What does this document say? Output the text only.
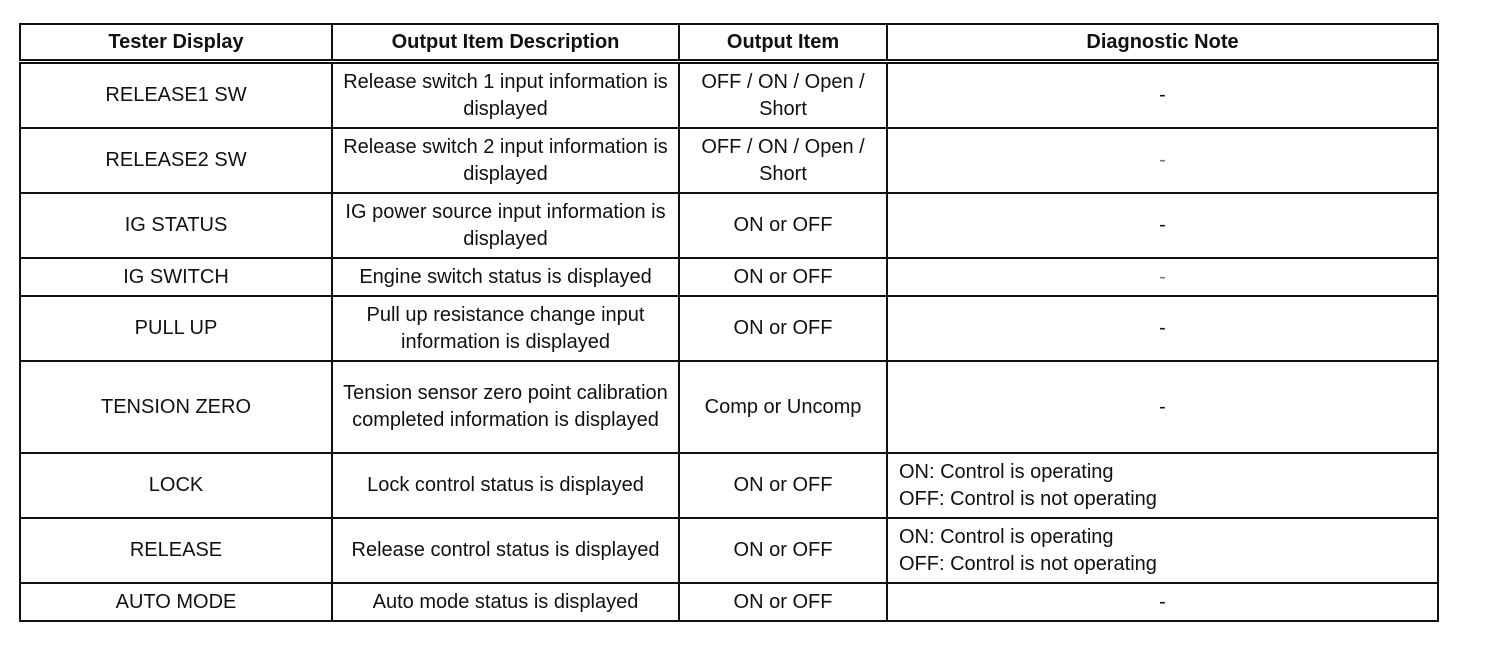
Tester Display	Output Item Description	Output Item	Diagnostic Note
RELEASE1 SW	Release switch 1 input information is displayed	OFF / ON / Open / Short	-
RELEASE2 SW	Release switch 2 input information is displayed	OFF / ON / Open / Short	-
IG STATUS	IG power source input information is displayed	ON or OFF	-
IG SWITCH	Engine switch status is displayed	ON or OFF	-
PULL UP	Pull up resistance change input information is displayed	ON or OFF	-
TENSION ZERO	Tension sensor zero point calibration completed information is displayed	Comp or Uncomp	-
LOCK	Lock control status is displayed	ON or OFF	ON: Control is operating
OFF: Control is not operating

RELEASE	Release control status is displayed	ON or OFF	ON: Control is operating
OFF: Control is not operating

AUTO MODE	Auto mode status is displayed	ON or OFF	-
